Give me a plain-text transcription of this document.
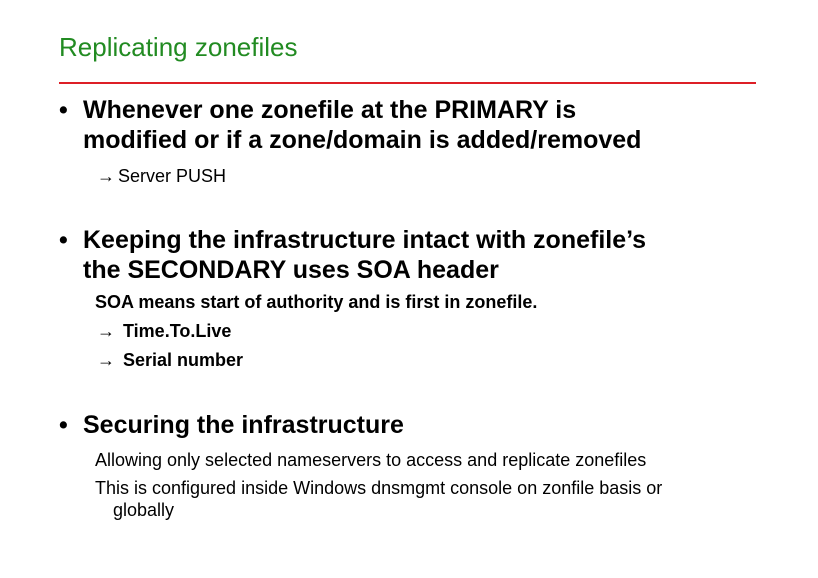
Replicating zonefiles
• Whenever one zonefile at the PRIMARY is
modified or if a zone/domain is added/removed
→ Server PUSH
• Keeping the infrastructure intact with zonefile’s
the SECONDARY uses SOA header
SOA means start of authority and is first in zonefile.
→ Time.To.Live
→ Serial number
• Securing the infrastructure
Allowing only selected nameservers to access and replicate zonefiles
This is configured inside Windows dnsmgmt console on zonfile basis or
globally
